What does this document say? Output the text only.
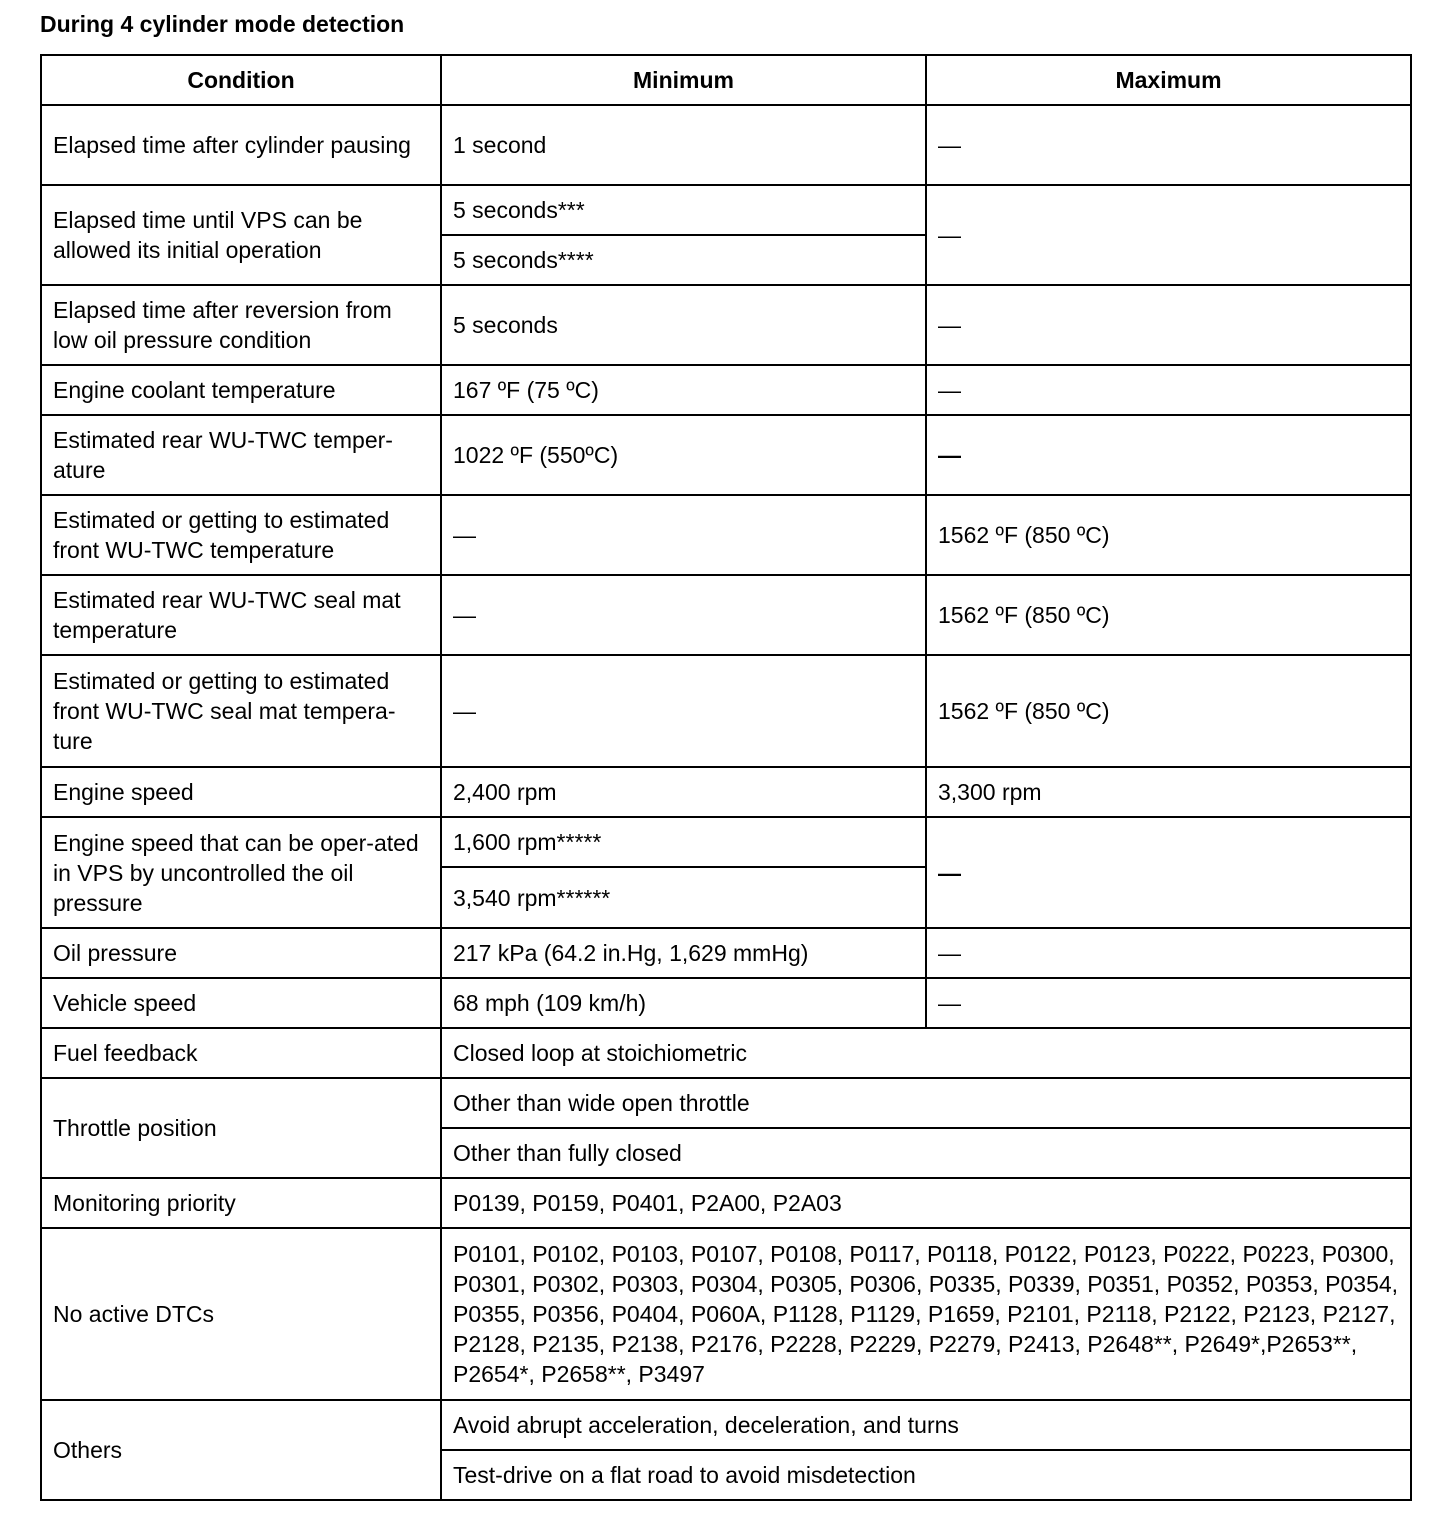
During 4 cylinder mode detection
Condition	Minimum	Maximum
Elapsed time after cylinder pausing	1 second	—
Elapsed time until VPS can be allowed its initial operation	5 seconds***	—
	5 seconds****	
Elapsed time after reversion from low oil pressure condition	5 seconds	—
Engine coolant temperature	167 ºF (75 ºC)	—
Estimated rear WU-TWC temper-ature	1022 ºF (550ºC)	—
Estimated or getting to estimated front WU-TWC temperature	—	1562 ºF (850 ºC)
Estimated rear WU-TWC seal mat temperature	—	1562 ºF (850 ºC)
Estimated or getting to estimated front WU-TWC seal mat tempera-ture	—	1562 ºF (850 ºC)
Engine speed	2,400 rpm	3,300 rpm
Engine speed that can be oper-ated in VPS by uncontrolled the oil pressure	1,600 rpm*****	—
	3,540 rpm******	
Oil pressure	217 kPa (64.2 in.Hg, 1,629 mmHg)	—
Vehicle speed	68 mph (109 km/h)	—
Fuel feedback	Closed loop at stoichiometric	
Throttle position	Other than wide open throttle	
	Other than fully closed	
Monitoring priority	P0139, P0159, P0401, P2A00, P2A03	
No active DTCs	P0101, P0102, P0103, P0107, P0108, P0117, P0118, P0122, P0123, P0222, P0223, P0300, P0301, P0302, P0303, P0304, P0305, P0306, P0335, P0339, P0351, P0352, P0353, P0354, P0355, P0356, P0404, P060A, P1128, P1129, P1659, P2101, P2118, P2122, P2123, P2127, P2128, P2135, P2138, P2176, P2228, P2229, P2279, P2413, P2648**, P2649*,P2653**, P2654*, P2658**, P3497	
Others	Avoid abrupt acceleration, deceleration, and turns	
	Test-drive on a flat road to avoid misdetection	
